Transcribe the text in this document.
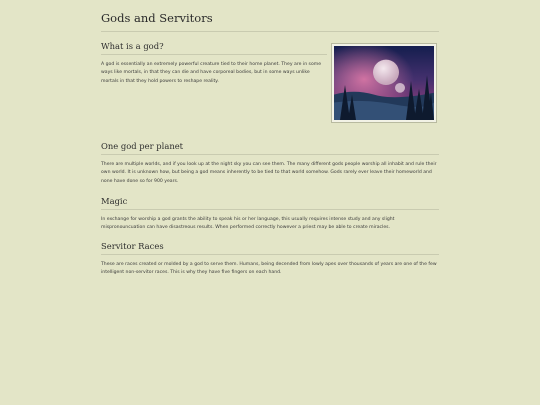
Gods and Servitors
What is a god?

A god is essentially an extremely powerful creature tied to their home planet. They are in some ways like mortals, in that they can die and have corporeal bodies, but in some ways unlike mortals in that they hold powers to reshape reality.

One god per planet

There are multiple worlds, and if you look up at the night sky you can see them. The many different gods people worship all inhabit and rule their own world. It is unknown how, but being a god means inherently to be tied to that world somehow. Gods rarely ever leave their homeworld and none have done so for 900 years.

Magic

In exchange for worship a god grants the ability to speak his or her language, this usually requires intense study and any slight mispronouncuation can have disastreous results. When performed correctly however a priest may be able to create miracles.

Servitor Races

These are races created or molded by a god to serve them. Humans, being decended from lowly apes over thousands of years are one of the few intelligent non-servitor races. This is why they have five fingers on each hand.
